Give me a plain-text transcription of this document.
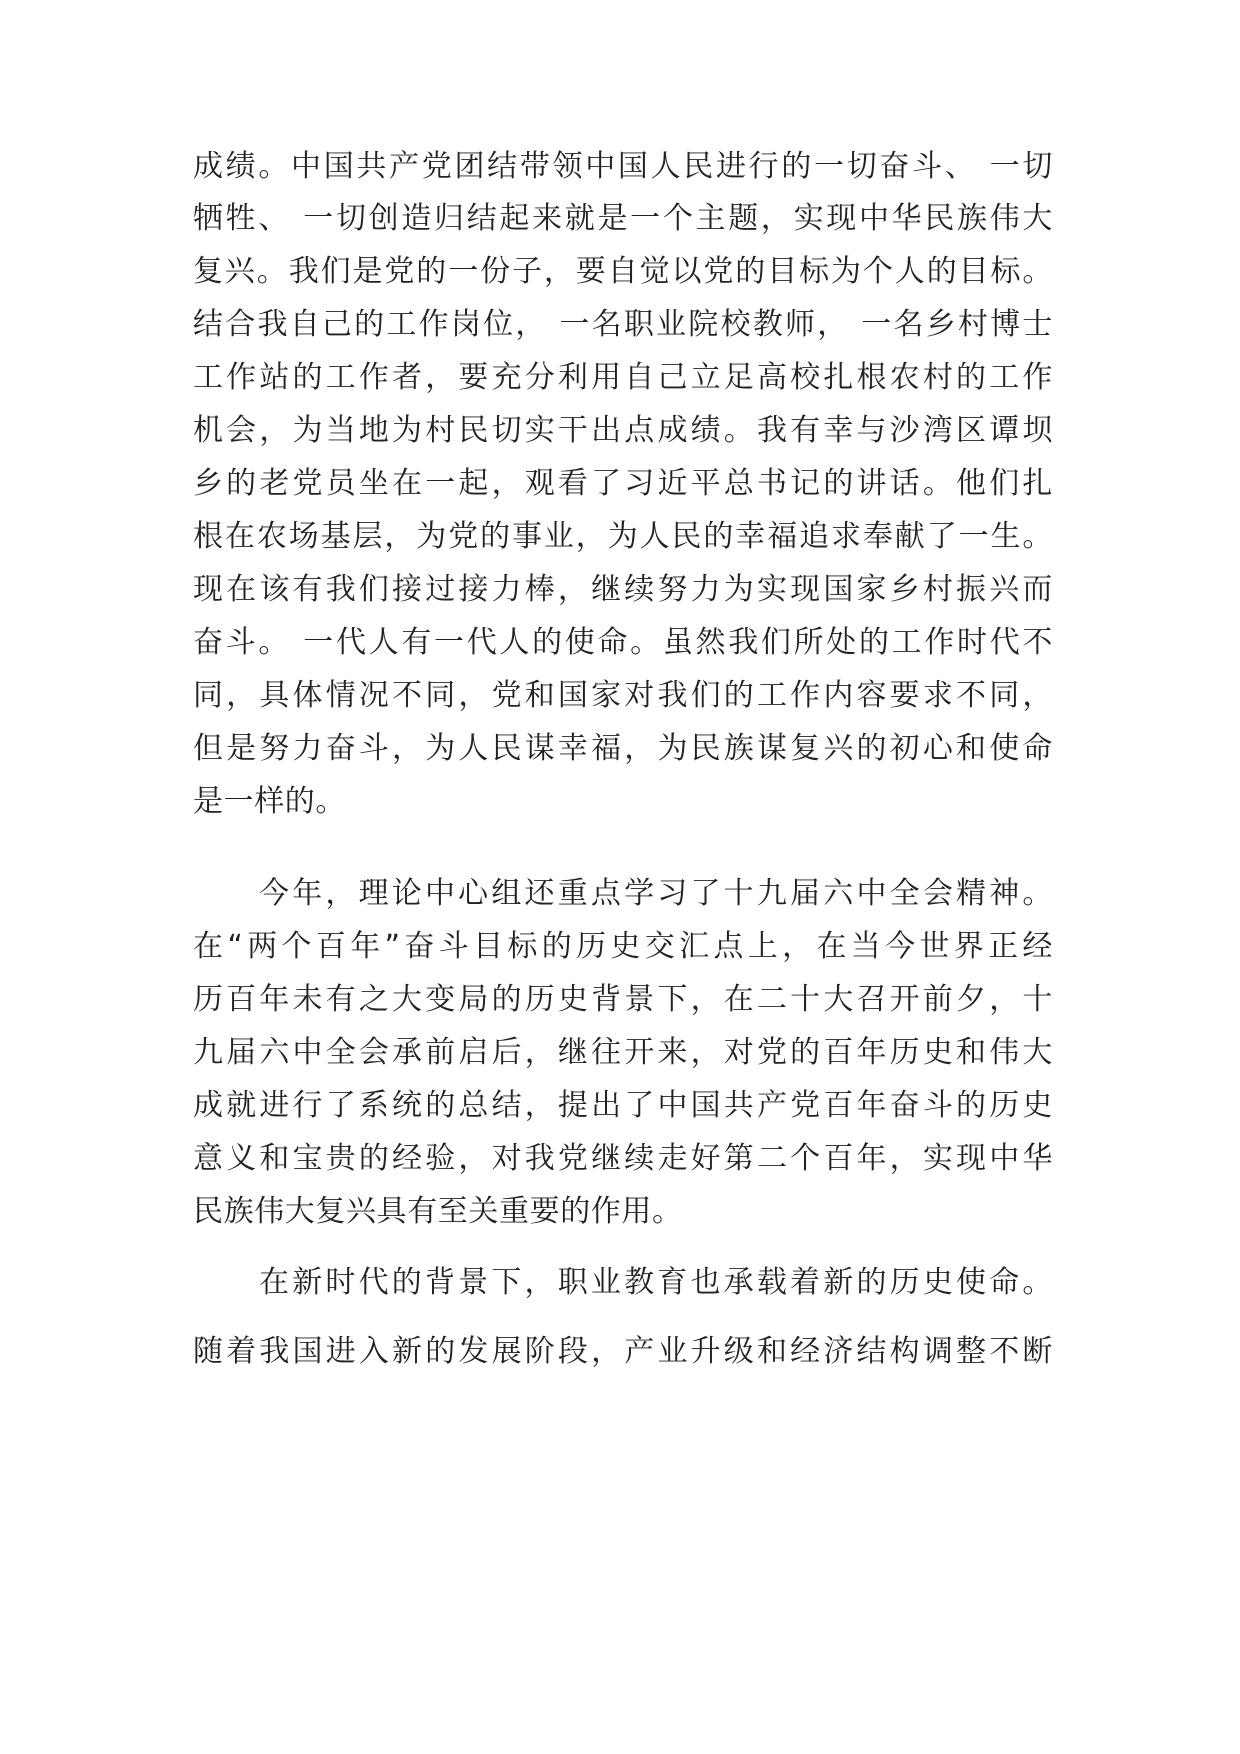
成绩。中国共产党团结带领中国人民进行的一切奋斗、 一切
牺牲、 一切创造归结起来就是一个主题，实现中华民族伟大
复兴。我们是党的一份子，要自觉以党的目标为个人的目标。
结合我自己的工作岗位， 一名职业院校教师， 一名乡村博士
工作站的工作者，要充分利用自己立足高校扎根农村的工作
机会，为当地为村民切实干出点成绩。我有幸与沙湾区谭坝
乡的老党员坐在一起，观看了习近平总书记的讲话。他们扎
根在农场基层，为党的事业，为人民的幸福追求奉献了一生。
现在该有我们接过接力棒，继续努力为实现国家乡村振兴而
奋斗。 一代人有一代人的使命。虽然我们所处的工作时代不
同，具体情况不同，党和国家对我们的工作内容要求不同，
但是努力奋斗，为人民谋幸福，为民族谋复兴的初心和使命
是一样的。
今年，理论中心组还重点学习了十九届六中全会精神。
在“两个百年”奋斗目标的历史交汇点上，在当今世界正经
历百年未有之大变局的历史背景下，在二十大召开前夕，十
九届六中全会承前启后，继往开来，对党的百年历史和伟大
成就进行了系统的总结，提出了中国共产党百年奋斗的历史
意义和宝贵的经验，对我党继续走好第二个百年，实现中华
民族伟大复兴具有至关重要的作用。
在新时代的背景下，职业教育也承载着新的历史使命。
随着我国进入新的发展阶段，产业升级和经济结构调整不断
